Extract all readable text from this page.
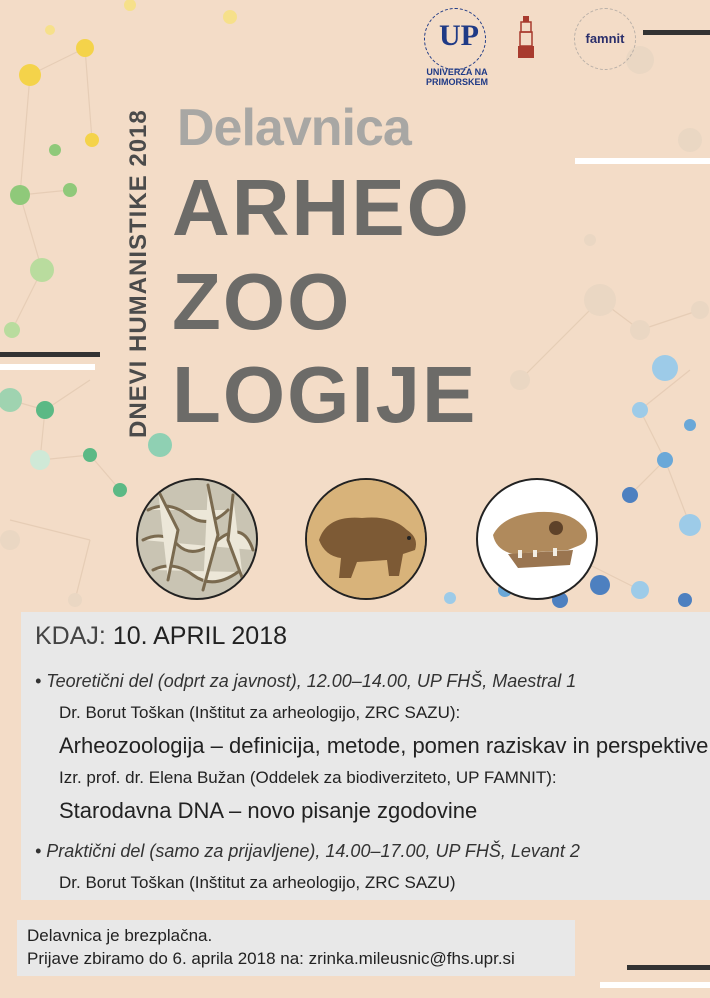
UP
UNIVERZA NA PRIMORSKEM
famnit
DNEVI HUMANISTIKE 2018 Delavnica
ARHEO
ZOO
LOGIJE
KDAJ: 10. APRIL 2018
• Teoretični del (odprt za javnost), 12.00–14.00, UP FHŠ, Maestral 1
Dr. Borut Toškan (Inštitut za arheologijo, ZRC SAZU):
Arheozoologija – definicija, metode, pomen raziskav in perspektive
Izr. prof. dr. Elena Bužan (Oddelek za biodiverziteto, UP FAMNIT):
Starodavna DNA – novo pisanje zgodovine
• Praktični del (samo za prijavljene), 14.00–17.00, UP FHŠ, Levant 2
Dr. Borut Toškan (Inštitut za arheologijo, ZRC SAZU)
Delavnica je brezplačna.
Prijave zbiramo do 6. aprila 2018 na: zrinka.mileusnic@fhs.upr.si
